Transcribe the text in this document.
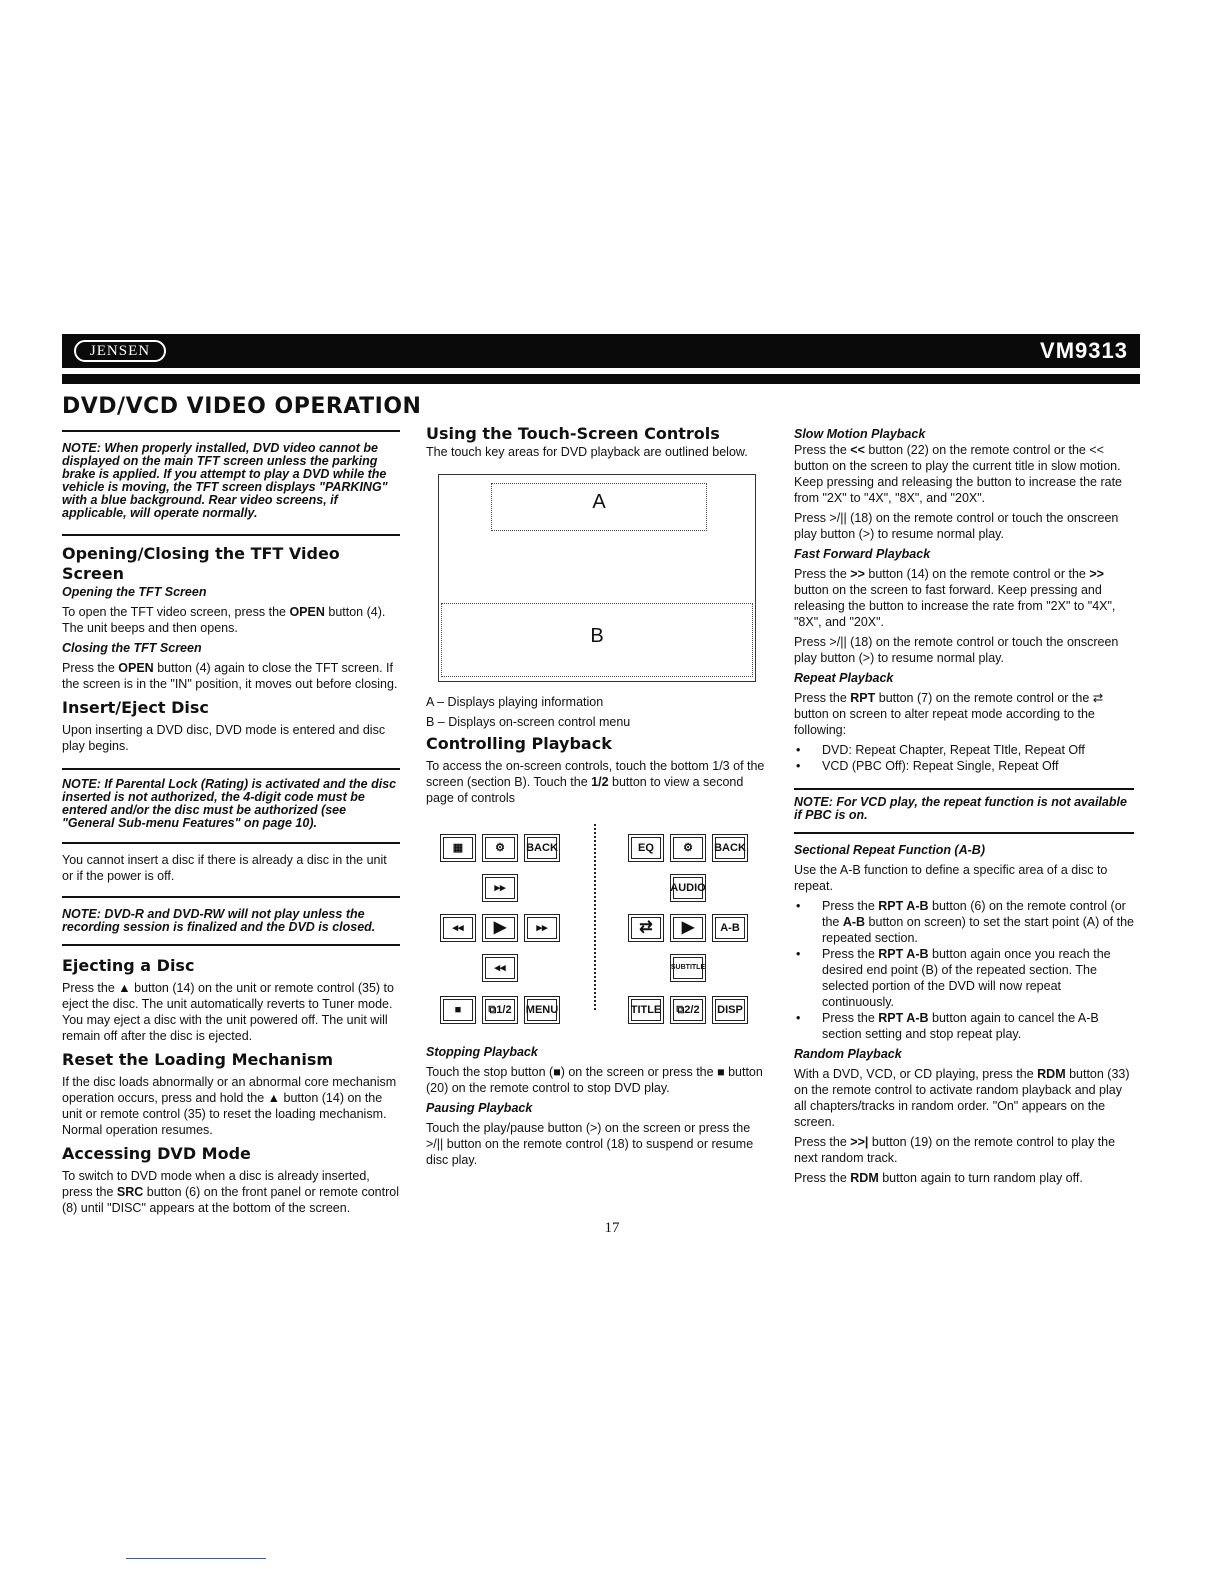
JENSEN	VM9313
DVD/VCD VIDEO OPERATION

NOTE: When properly installed, DVD video cannot be displayed on the main TFT screen unless the parking brake is applied. If you attempt to play a DVD while the vehicle is moving, the TFT screen displays "PARKING" with a blue background. Rear video screens, if applicable, will operate normally.

Opening/Closing the TFT Video Screen
Opening the TFT Screen

To open the TFT video screen, press the OPEN button (4). The unit beeps and then opens.

Closing the TFT Screen

Press the OPEN button (4) again to close the TFT screen. If the screen is in the "IN" position, it moves out before closing.

Insert/Eject Disc

Upon inserting a DVD disc, DVD mode is entered and disc play begins.

NOTE: If Parental Lock (Rating) is activated and the disc inserted is not authorized, the 4-digit code must be entered and/or the disc must be authorized (see "General Sub-menu Features" on page 10).

You cannot insert a disc if there is already a disc in the unit or if the power is off.

NOTE: DVD-R and DVD-RW will not play unless the recording session is finalized and the DVD is closed.

Ejecting a Disc

Press the ▲ button (14) on the unit or remote control (35) to eject the disc. The unit automatically reverts to Tuner mode. You may eject a disc with the unit powered off. The unit will remain off after the disc is ejected.

Reset the Loading Mechanism

If the disc loads abnormally or an abnormal core mechanism operation occurs, press and hold the ▲ button (14) on the unit or remote control (35) to reset the loading mechanism. Normal operation resumes.

Accessing DVD Mode

To switch to DVD mode when a disc is already inserted, press the SRC button (6) on the front panel or remote control (8) until "DISC" appears at the bottom of the screen.

Using the Touch-Screen Controls

The touch key areas for DVD playback are outlined below.

A
B

A – Displays playing information

B – Displays on-screen control menu

Controlling Playback

To access the on-screen controls, touch the bottom 1/3 of the screen (section B). Touch the 1/2 button to view a second page of controls

▦	⚙	BACK
▸▸
◂◂	▶	▸▸
◂◂
■	⧉1/2	MENU
EQ	⚙	BACK
AUDIO
⇄	▶	A-B
SUBTITLE
TITLE	⧉2/2	DISP
Stopping Playback

Touch the stop button (■) on the screen or press the ■ button (20) on the remote control to stop DVD play.

Pausing Playback

Touch the play/pause button (>) on the screen or press the >/|| button on the remote control (18) to suspend or resume disc play.

Slow Motion Playback

Press the << button (22) on the remote control or the << button on the screen to play the current title in slow motion. Keep pressing and releasing the button to increase the rate from "2X" to "4X", "8X", and "20X".

Press >/|| (18) on the remote control or touch the onscreen play button (>) to resume normal play.

Fast Forward Playback

Press the >> button (14) on the remote control or the >> button on the screen to fast forward. Keep pressing and releasing the button to increase the rate from "2X" to "4X", "8X", and "20X".

Press >/|| (18) on the remote control or touch the onscreen play button (>) to resume normal play.

Repeat Playback

Press the RPT button (7) on the remote control or the ⇄ button on screen to alter repeat mode according to the following:

• DVD: Repeat Chapter, Repeat TItle, Repeat Off
• VCD (PBC Off): Repeat Single, Repeat Off

NOTE: For VCD play, the repeat function is not available if PBC is on.

Sectional Repeat Function (A-B)

Use the A-B function to define a specific area of a disc to repeat.

• Press the RPT A-B button (6) on the remote control (or the A-B button on screen) to set the start point (A) of the repeated section.
• Press the RPT A-B button again once you reach the desired end point (B) of the repeated section. The selected portion of the DVD will now repeat continuously.
• Press the RPT A-B button again to cancel the A-B section setting and stop repeat play.
Random Playback

With a DVD, VCD, or CD playing, press the RDM button (33) on the remote control to activate random playback and play all chapters/tracks in random order. "On" appears on the screen.

Press the >>| button (19) on the remote control to play the next random track.

Press the RDM button again to turn random play off.

17
